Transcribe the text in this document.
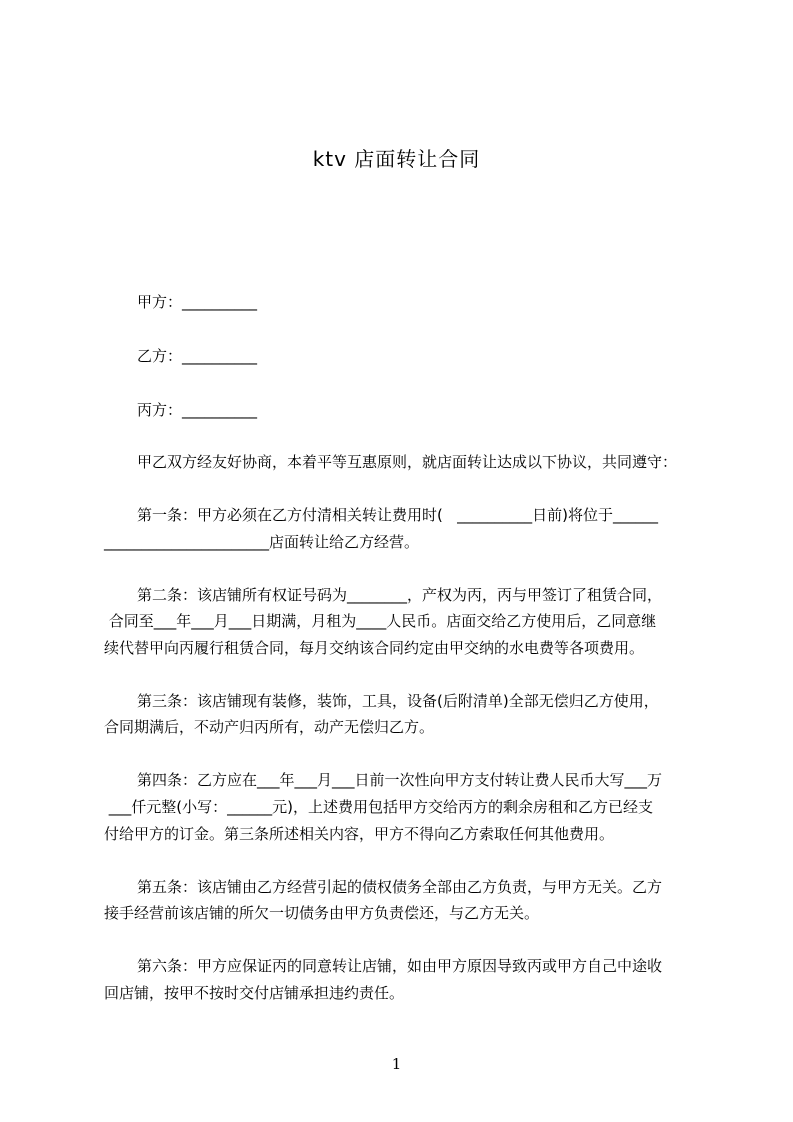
ktv 店面转让合同
甲方：__________
乙方：__________
丙方：__________
甲乙双方经友好协商，本着平等互惠原则，就店面转让达成以下协议，共同遵守：
第一条：甲方必须在乙方付清相关转让费用时(   __________日前)将位于______
______________________店面转让给乙方经营。
第二条：该店铺所有权证号码为________，产权为丙，丙与甲签订了租赁合同，
合同至___年___月___日期满，月租为____人民币。店面交给乙方使用后，乙同意继
续代替甲向丙履行租赁合同，每月交纳该合同约定由甲交纳的水电费等各项费用。
第三条：该店铺现有装修，装饰，工具，设备(后附清单)全部无偿归乙方使用，
合同期满后，不动产归丙所有，动产无偿归乙方。
第四条：乙方应在___年___月___日前一次性向甲方支付转让费人民币大写___万
___仟元整(小写：______元)，上述费用包括甲方交给丙方的剩余房租和乙方已经支
付给甲方的订金。第三条所述相关内容，甲方不得向乙方索取任何其他费用。
第五条：该店铺由乙方经营引起的债权债务全部由乙方负责，与甲方无关。乙方
接手经营前该店铺的所欠一切债务由甲方负责偿还，与乙方无关。
第六条：甲方应保证丙的同意转让店铺，如由甲方原因导致丙或甲方自己中途收
回店铺，按甲不按时交付店铺承担违约责任。
1
